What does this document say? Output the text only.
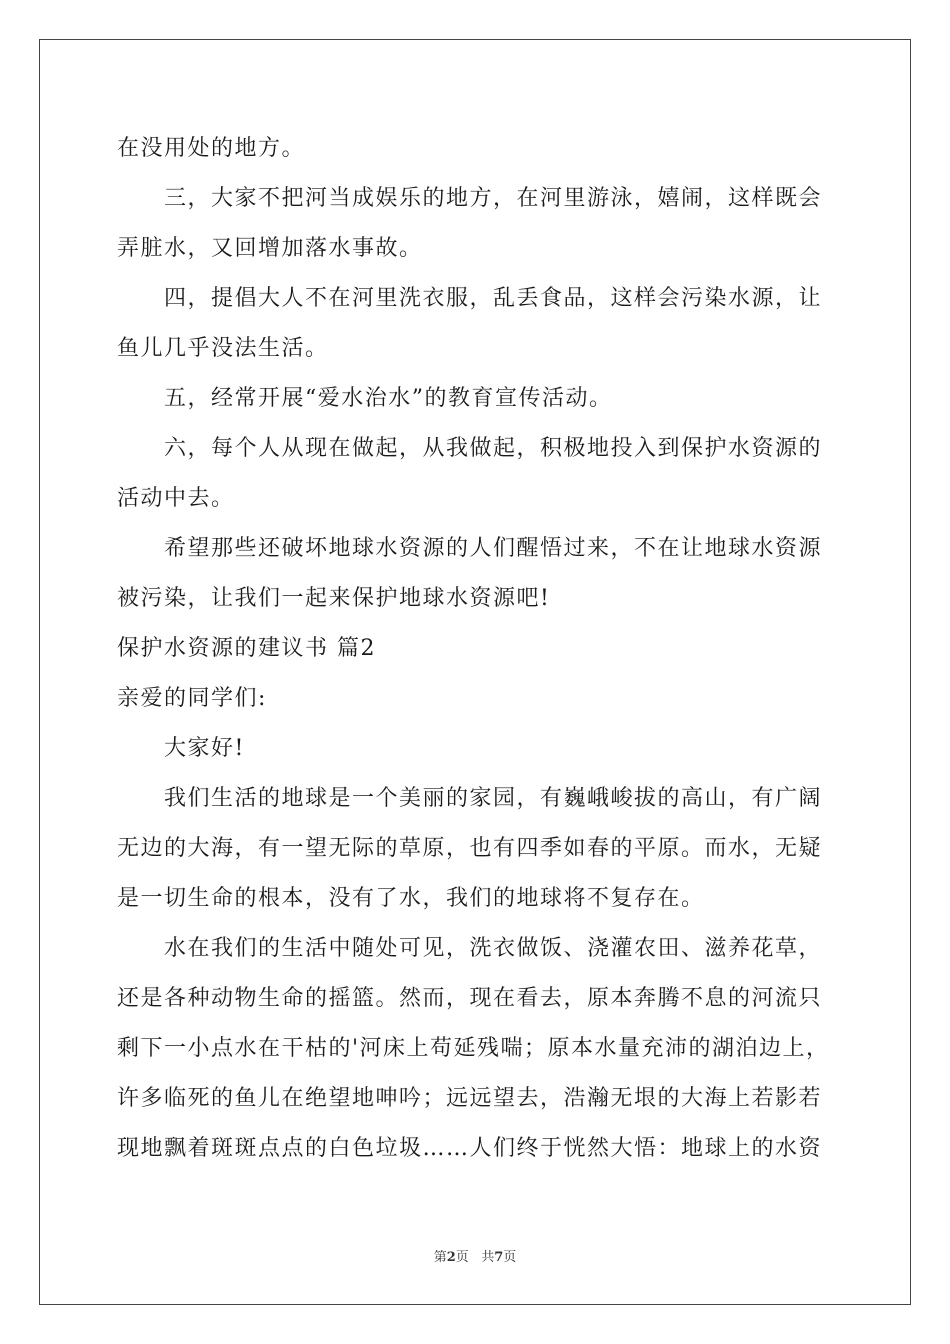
在没用处的地方。
三，大家不把河当成娱乐的地方，在河里游泳，嬉闹，这样既会
弄脏水，又回增加落水事故。
四，提倡大人不在河里洗衣服，乱丢食品，这样会污染水源，让
鱼儿几乎没法生活。
五，经常开展“爱水治水”的教育宣传活动。
六，每个人从现在做起，从我做起，积极地投入到保护水资源的
活动中去。
希望那些还破坏地球水资源的人们醒悟过来，不在让地球水资源
被污染，让我们一起来保护地球水资源吧!
保护水资源的建议书 篇2
亲爱的同学们:
大家好!
我们生活的地球是一个美丽的家园，有巍峨峻拔的高山，有广阔
无边的大海，有一望无际的草原，也有四季如春的平原。而水，无疑
是一切生命的根本，没有了水，我们的地球将不复存在。
水在我们的生活中随处可见，洗衣做饭、浇灌农田、滋养花草，
还是各种动物生命的摇篮。然而，现在看去，原本奔腾不息的河流只
剩下一小点水在干枯的'河床上苟延残喘；原本水量充沛的湖泊边上，
许多临死的鱼儿在绝望地呻吟；远远望去，浩瀚无垠的大海上若影若
现地飘着斑斑点点的白色垃圾……人们终于恍然大悟：地球上的水资
第2页   共7页
